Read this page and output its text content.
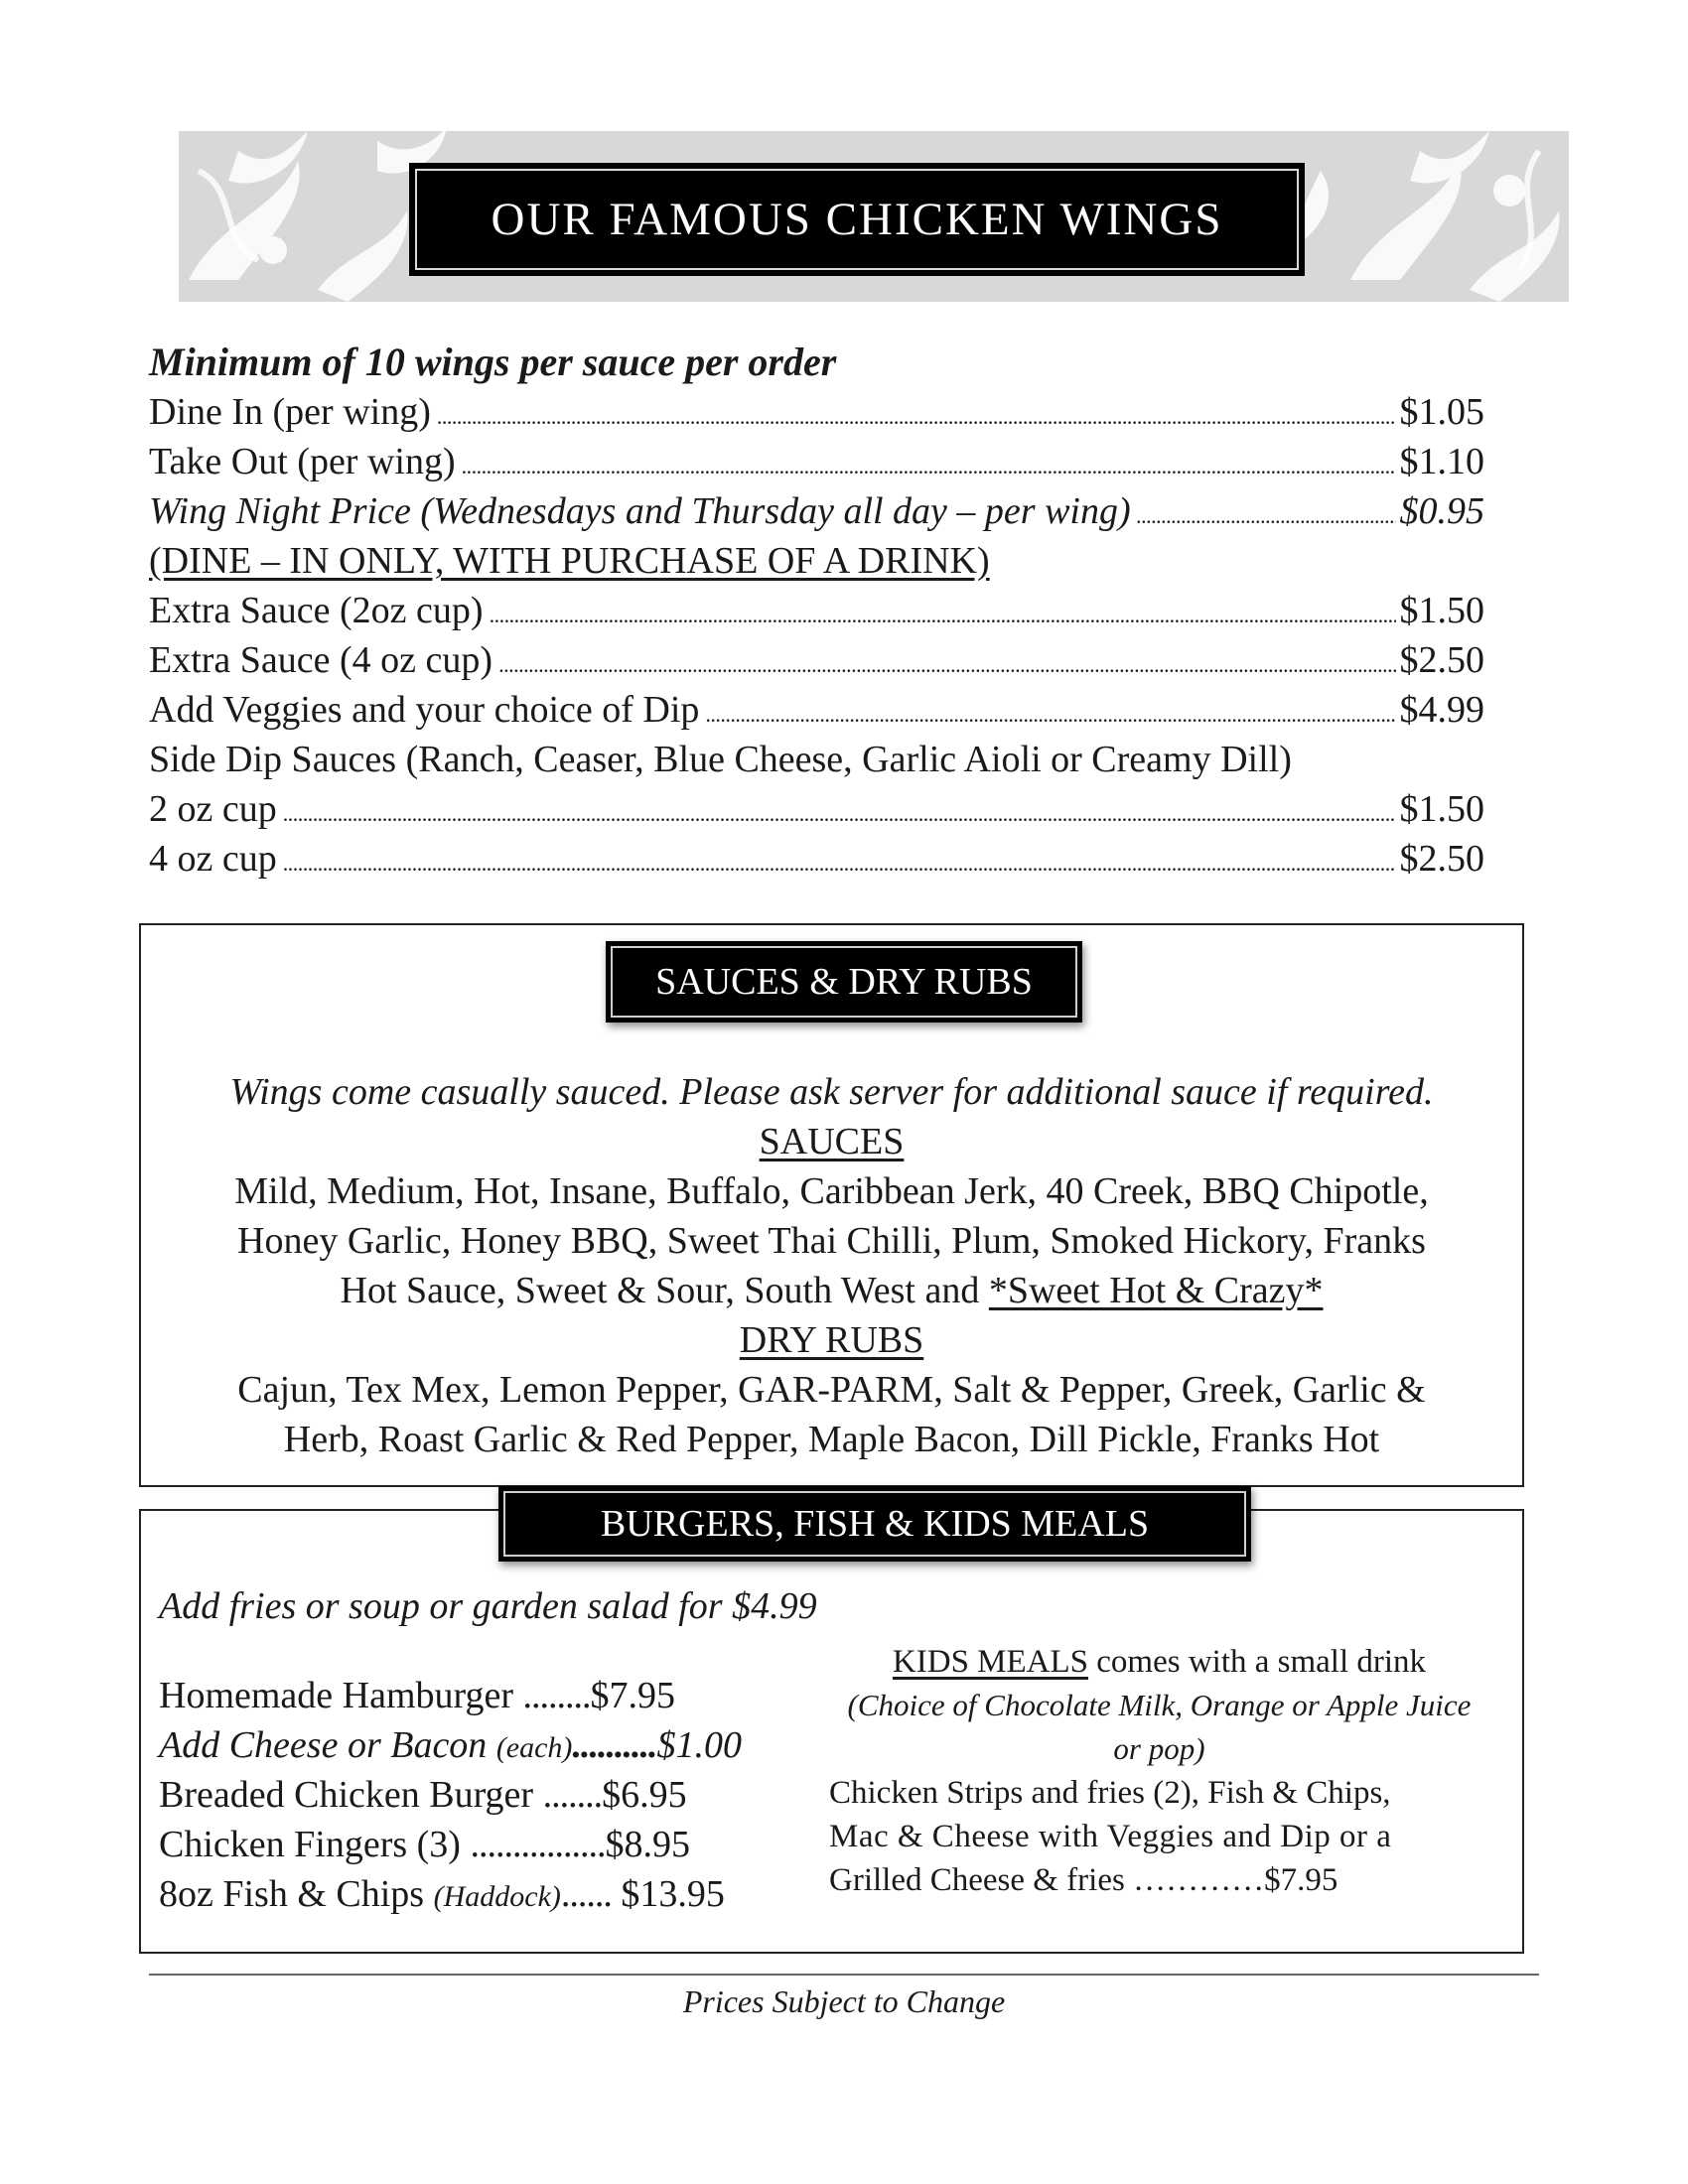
OUR FAMOUS CHICKEN WINGS
Minimum of 10 wings per sauce per order
Dine In (per wing) . . .	$1.05
Take Out (per wing) . . .	$1.10
Wing Night Price (Wednesdays and Thursday all day – per wing) . . .	$0.95
(DINE – IN ONLY, WITH PURCHASE OF A DRINK)
Extra Sauce (2oz cup) . . .	$1.50
Extra Sauce (4 oz cup) . . .	$2.50
Add Veggies and your choice of Dip . . .	$4.99
Side Dip Sauces (Ranch, Ceaser, Blue Cheese, Garlic Aioli or Creamy Dill)
2 oz cup . . .	$1.50
4 oz cup . . .	$2.50
SAUCES & DRY RUBS
Wings come casually sauced. Please ask server for additional sauce if required.
SAUCES
Mild, Medium, Hot, Insane, Buffalo, Caribbean Jerk, 40 Creek, BBQ Chipotle,
Honey Garlic, Honey BBQ, Sweet Thai Chilli, Plum, Smoked Hickory, Franks
Hot Sauce, Sweet & Sour, South West and *Sweet Hot & Crazy*
DRY RUBS
Cajun, Tex Mex, Lemon Pepper, GAR-PARM, Salt & Pepper, Greek, Garlic &
Herb, Roast Garlic & Red Pepper, Maple Bacon, Dill Pickle, Franks Hot
BURGERS, FISH & KIDS MEALS
Add fries or soup or garden salad for $4.99
Homemade Hamburger ........$7.95
Add Cheese or Bacon (each)..........$1.00
Breaded Chicken Burger .......$6.95
Chicken Fingers (3) ................$8.95
8oz Fish & Chips (Haddock)...... $13.95
KIDS MEALS comes with a small drink
(Choice of Chocolate Milk, Orange or Apple Juice
or pop)
Chicken Strips and fries (2), Fish & Chips,
Mac & Cheese with Veggies and Dip or a
Grilled Cheese & fries …………$7.95
Prices Subject to Change
